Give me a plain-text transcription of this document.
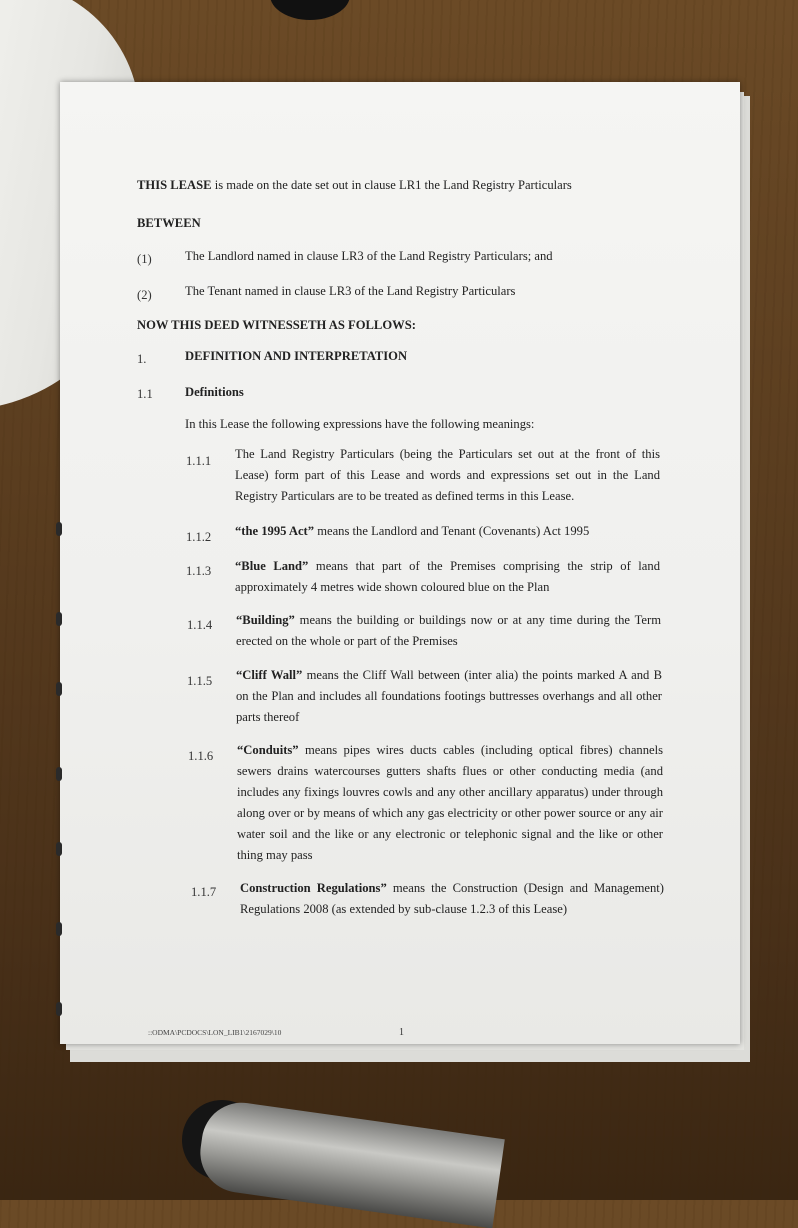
THIS LEASE is made on the date set out in clause LR1 the Land Registry Particulars
BETWEEN
(1)	The Landlord named in clause LR3 of the Land Registry Particulars; and
(2)	The Tenant named in clause LR3 of the Land Registry Particulars
NOW THIS DEED WITNESSETH AS FOLLOWS:
1.	DEFINITION AND INTERPRETATION
1.1	Definitions
In this Lease the following expressions have the following meanings:
1.1.1 The Land Registry Particulars (being the Particulars set out at the front of this Lease) form part of this Lease and words and expressions set out in the Land Registry Particulars are to be treated as defined terms in this Lease.
1.1.2 “the 1995 Act” means the Landlord and Tenant (Covenants) Act 1995
1.1.3 “Blue Land” means that part of the Premises comprising the strip of land approximately 4 metres wide shown coloured blue on the Plan
1.1.4 “Building” means the building or buildings now or at any time during the Term erected on the whole or part of the Premises
1.1.5 “Cliff Wall” means the Cliff Wall between (inter alia) the points marked A and B on the Plan and includes all foundations footings buttresses overhangs and all other parts thereof
1.1.6 “Conduits” means pipes wires ducts cables (including optical fibres) channels sewers drains watercourses gutters shafts flues or other conducting media (and includes any fixings louvres cowls and any other ancillary apparatus) under through along over or by means of which any gas electricity or other power source or any air water soil and the like or any electronic or telephonic signal and the like or other thing may pass
1.1.7 Construction Regulations” means the Construction (Design and Management) Regulations 2008 (as extended by sub-clause 1.2.3 of this Lease)
::ODMA\PCDOCS\LON_LIB1\2167029\10	1
